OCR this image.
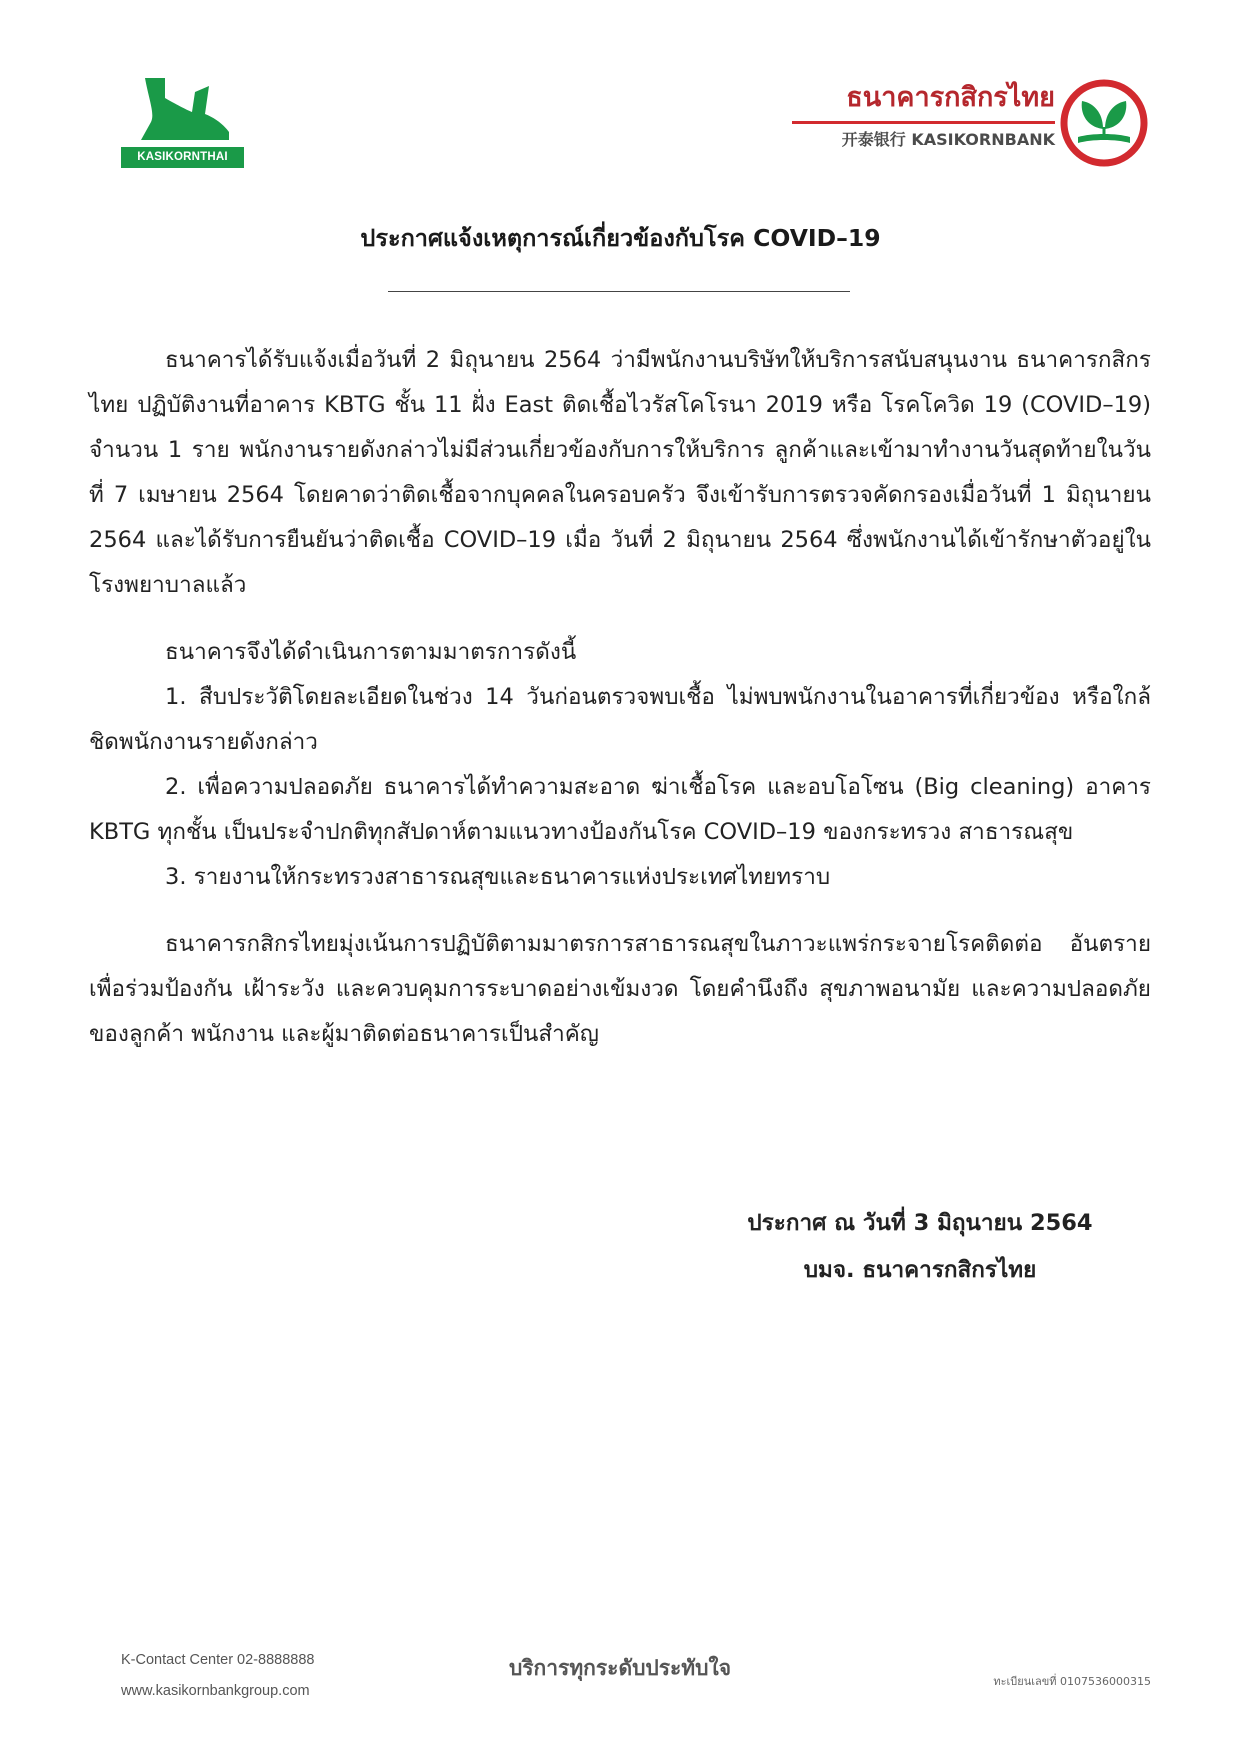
KASIKORNTHAI
ธนาคารกสิกรไทย
开泰银行 KASIKORNBANK
ประกาศแจ้งเหตุการณ์เกี่ยวข้องกับโรค COVID–19

ธนาคารได้รับแจ้งเมื่อวันที่ 2 มิถุนายน 2564 ว่ามีพนักงานบริษัทให้บริการสนับสนุนงาน ธนาคารกสิกรไทย ปฏิบัติงานที่อาคาร KBTG ชั้น 11 ฝั่ง East ติดเชื้อไวรัสโคโรนา 2019 หรือ โรคโควิด 19 (COVID–19) จำนวน 1 ราย พนักงานรายดังกล่าวไม่มีส่วนเกี่ยวข้องกับการให้บริการ ลูกค้าและเข้ามาทำงานวันสุดท้ายในวันที่ 7 เมษายน 2564 โดยคาดว่าติดเชื้อจากบุคคลในครอบครัว จึงเข้ารับการตรวจคัดกรองเมื่อวันที่ 1 มิถุนายน 2564 และได้รับการยืนยันว่าติดเชื้อ COVID–19 เมื่อ วันที่ 2 มิถุนายน 2564 ซึ่งพนักงานได้เข้ารักษาตัวอยู่ในโรงพยาบาลแล้ว

ธนาคารจึงได้ดำเนินการตามมาตรการดังนี้

1. สืบประวัติโดยละเอียดในช่วง 14 วันก่อนตรวจพบเชื้อ ไม่พบพนักงานในอาคารที่เกี่ยวข้อง หรือใกล้ชิดพนักงานรายดังกล่าว

2. เพื่อความปลอดภัย ธนาคารได้ทำความสะอาด ฆ่าเชื้อโรค และอบโอโซน (Big cleaning) อาคาร KBTG ทุกชั้น เป็นประจำปกติทุกสัปดาห์ตามแนวทางป้องกันโรค COVID–19 ของกระทรวง สาธารณสุข

3. รายงานให้กระทรวงสาธารณสุขและธนาคารแห่งประเทศไทยทราบ

ธนาคารกสิกรไทยมุ่งเน้นการปฏิบัติตามมาตรการสาธารณสุขในภาวะแพร่กระจายโรคติดต่อ อันตราย เพื่อร่วมป้องกัน เฝ้าระวัง และควบคุมการระบาดอย่างเข้มงวด โดยคำนึงถึง สุขภาพอนามัย และความปลอดภัยของลูกค้า พนักงาน และผู้มาติดต่อธนาคารเป็นสำคัญ

ประกาศ ณ วันที่ 3 มิถุนายน 2564
บมจ. ธนาคารกสิกรไทย
K-Contact Center 02-8888888
www.kasikornbankgroup.com
บริการทุกระดับประทับใจ
ทะเบียนเลขที่ 0107536000315
